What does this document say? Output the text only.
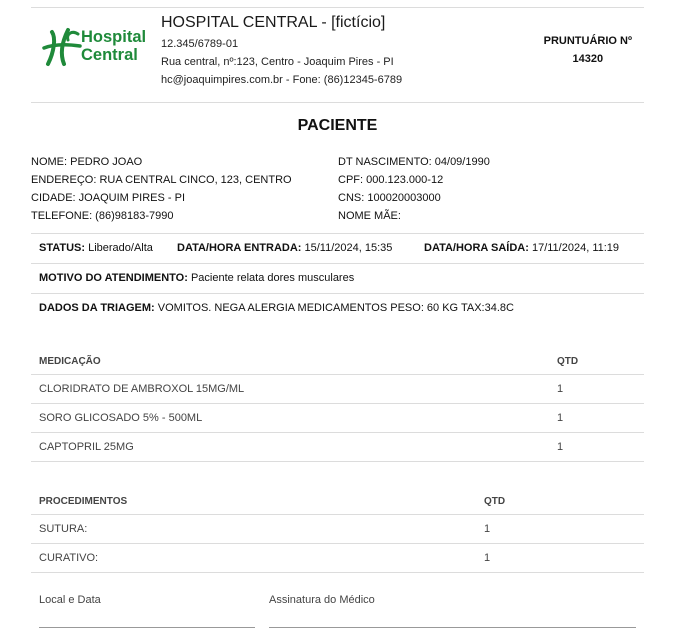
Hospital
Central
HOSPITAL CENTRAL - [fictício]
12.345/6789-01
Rua central, nº:123, Centro - Joaquim Pires - PI
hc@joaquimpires.com.br - Fone: (86)12345-6789
PRUNTUÁRIO Nº
14320
PACIENTE
NOME: PEDRO JOAO
ENDEREÇO: RUA CENTRAL CINCO, 123, CENTRO
CIDADE: JOAQUIM PIRES - PI
TELEFONE: (86)98183-7990
DT NASCIMENTO: 04/09/1990
CPF: 000.123.000-12
CNS: 100020003000
NOME MÃE:
STATUS: Liberado/Alta DATA/HORA ENTRADA: 15/11/2024, 15:35	DATA/HORA SAÍDA: 17/11/2024, 11:19
MOTIVO DO ATENDIMENTO: Paciente relata dores musculares
DADOS DA TRIAGEM: VOMITOS. NEGA ALERGIA MEDICAMENTOS PESO: 60 KG TAX:34.8C
MEDICAÇÃO	QTD
CLORIDRATO DE AMBROXOL 15MG/ML	1
SORO GLICOSADO 5% - 500ML	1
CAPTOPRIL 25MG	1
PROCEDIMENTOS	QTD
SUTURA:	1
CURATIVO:	1
Local e Data	Assinatura do Médico
